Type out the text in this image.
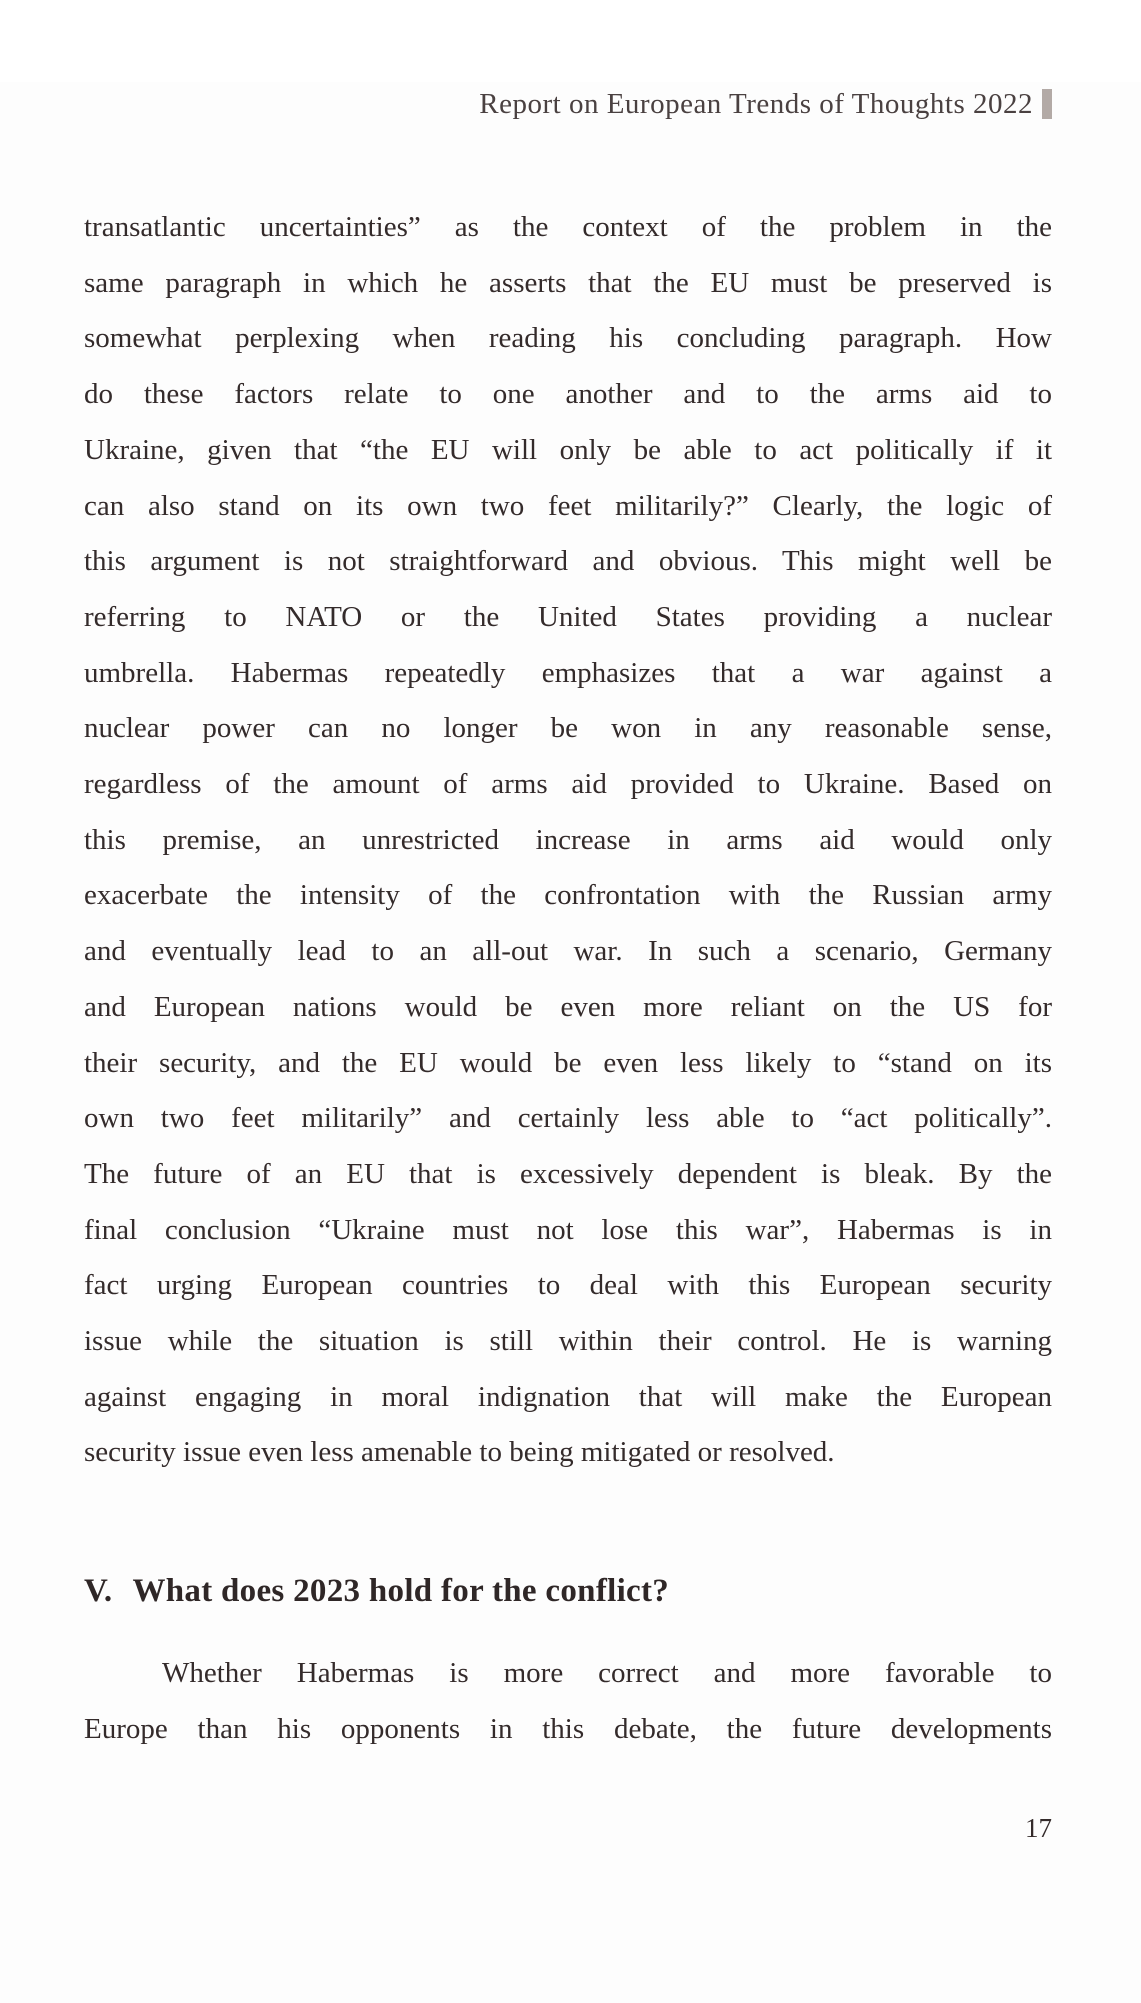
Report on European Trends of Thoughts 2022
transatlantic uncertainties” as the context of the problem in the
same paragraph in which he asserts that the EU must be preserved is
somewhat perplexing when reading his concluding paragraph. How
do these factors relate to one another and to the arms aid to
Ukraine, given that “the EU will only be able to act politically if it
can also stand on its own two feet militarily?” Clearly, the logic of
this argument is not straightforward and obvious. This might well be
referring to NATO or the United States providing a nuclear
umbrella. Habermas repeatedly emphasizes that a war against a
nuclear power can no longer be won in any reasonable sense,
regardless of the amount of arms aid provided to Ukraine. Based on
this premise, an unrestricted increase in arms aid would only
exacerbate the intensity of the confrontation with the Russian army
and eventually lead to an all-out war. In such a scenario, Germany
and European nations would be even more reliant on the US for
their security, and the EU would be even less likely to “stand on its
own two feet militarily” and certainly less able to “act politically”.
The future of an EU that is excessively dependent is bleak. By the
final conclusion “Ukraine must not lose this war”, Habermas is in
fact urging European countries to deal with this European security
issue while the situation is still within their control. He is warning
against engaging in moral indignation that will make the European
security issue even less amenable to being mitigated or resolved.
V. What does 2023 hold for the conflict?
Whether Habermas is more correct and more favorable to
Europe than his opponents in this debate, the future developments
17
